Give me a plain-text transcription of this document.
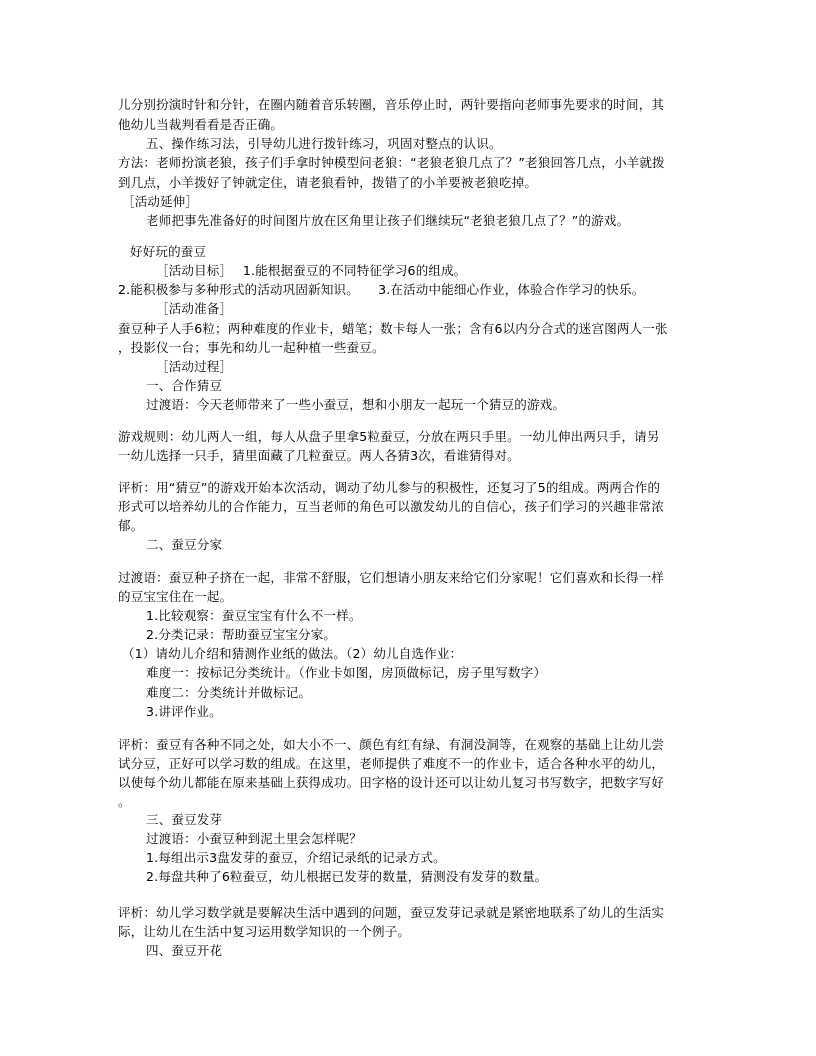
儿分别扮演时针和分针，在圈内随着音乐转圈，音乐停止时，两针要指向老师事先要求的时间，其
他幼儿当裁判看看是否正确。
五、操作练习法，引导幼儿进行拨针练习，巩固对整点的认识。
方法：老师扮演老狼，孩子们手拿时钟模型问老狼：“老狼老狼几点了？”老狼回答几点，小羊就拨
到几点，小羊拨好了钟就定住，请老狼看钟，拨错了的小羊要被老狼吃掉。
［活动延伸］
老师把事先准备好的时间图片放在区角里让孩子们继续玩“老狼老狼几点了？”的游戏。
好好玩的蚕豆
［活动目标］　 1.能根据蚕豆的不同特征学习6的组成。
2.能积极参与多种形式的活动巩固新知识。　　3.在活动中能细心作业，体验合作学习的快乐。
［活动准备］
蚕豆种子人手6粒；两种难度的作业卡，蜡笔；数卡每人一张；含有6以内分合式的迷宫图两人一张
，投影仪一台；事先和幼儿一起种植一些蚕豆。
［活动过程］
一、合作猜豆
过渡语：今天老师带来了一些小蚕豆，想和小朋友一起玩一个猜豆的游戏。
游戏规则：幼儿两人一组，每人从盘子里拿5粒蚕豆，分放在两只手里。一幼儿伸出两只手，请另
一幼儿选择一只手，猜里面藏了几粒蚕豆。两人各猜3次，看谁猜得对。
评析：用“猜豆”的游戏开始本次活动，调动了幼儿参与的积极性，还复习了5的组成。两两合作的
形式可以培养幼儿的合作能力，互当老师的角色可以激发幼儿的自信心，孩子们学习的兴趣非常浓
郁。
二、蚕豆分家
过渡语：蚕豆种子挤在一起，非常不舒服，它们想请小朋友来给它们分家呢！它们喜欢和长得一样
的豆宝宝住在一起。
1.比较观察：蚕豆宝宝有什么不一样。
2.分类记录：帮助蚕豆宝宝分家。
（1）请幼儿介绍和猜测作业纸的做法。（2）幼儿自选作业：
难度一：按标记分类统计。（作业卡如图，房顶做标记，房子里写数字）
难度二：分类统计并做标记。
3.讲评作业。
评析：蚕豆有各种不同之处，如大小不一、颜色有红有绿、有洞没洞等，在观察的基础上让幼儿尝
试分豆，正好可以学习数的组成。在这里，老师提供了难度不一的作业卡，适合各种水平的幼儿，
以使每个幼儿都能在原来基础上获得成功。田字格的设计还可以让幼儿复习书写数字，把数字写好
。
三、蚕豆发芽
过渡语：小蚕豆种到泥土里会怎样呢？
1.每组出示3盘发芽的蚕豆，介绍记录纸的记录方式。
2.每盘共种了6粒蚕豆，幼儿根据已发芽的数量，猜测没有发芽的数量。
评析：幼儿学习数学就是要解决生活中遇到的问题，蚕豆发芽记录就是紧密地联系了幼儿的生活实
际，让幼儿在生活中复习运用数学知识的一个例子。
四、蚕豆开花
